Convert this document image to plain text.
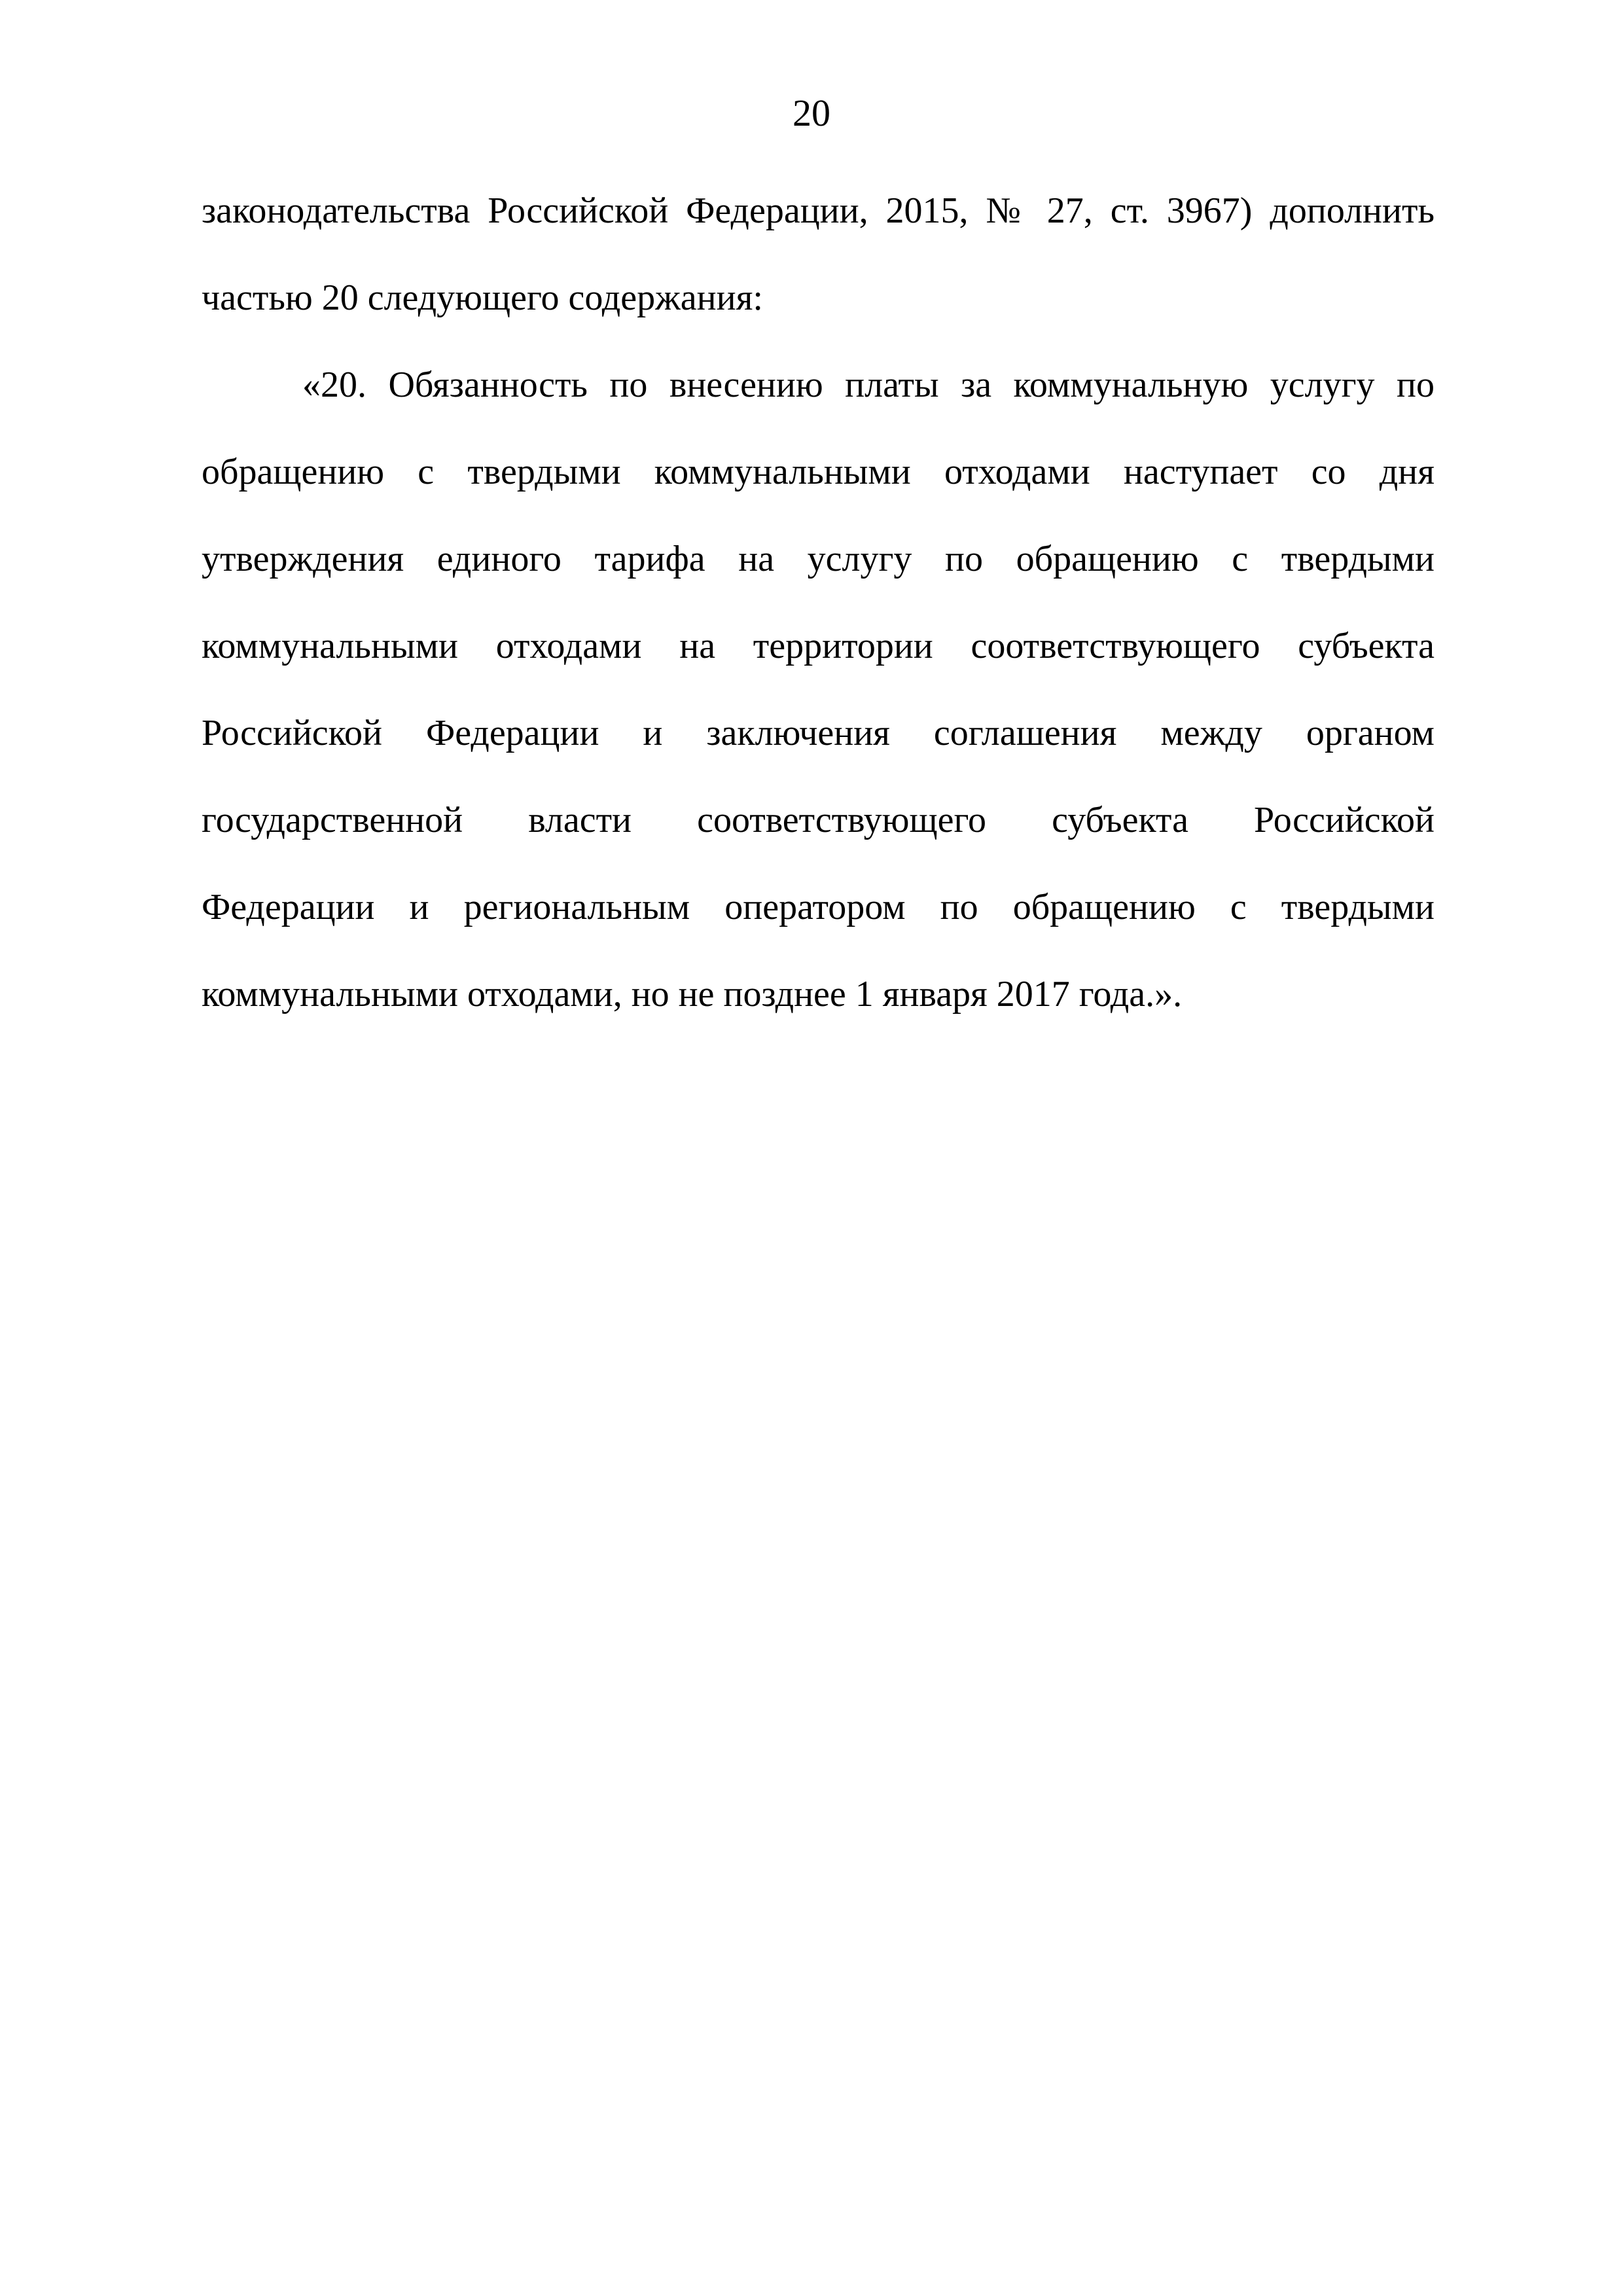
20
законодательства Российской Федерации, 2015, № 27, ст. 3967) дополнить
частью 20 следующего содержания:
«20. Обязанность по внесению платы за коммунальную услугу по
обращению с твердыми коммунальными отходами наступает со дня
утверждения единого тарифа на услугу по обращению с твердыми
коммунальными отходами на территории соответствующего субъекта
Российской Федерации и заключения соглашения между органом
государственной власти соответствующего субъекта Российской
Федерации и региональным оператором по обращению с твердыми
коммунальными отходами, но не позднее 1 января 2017 года.».
